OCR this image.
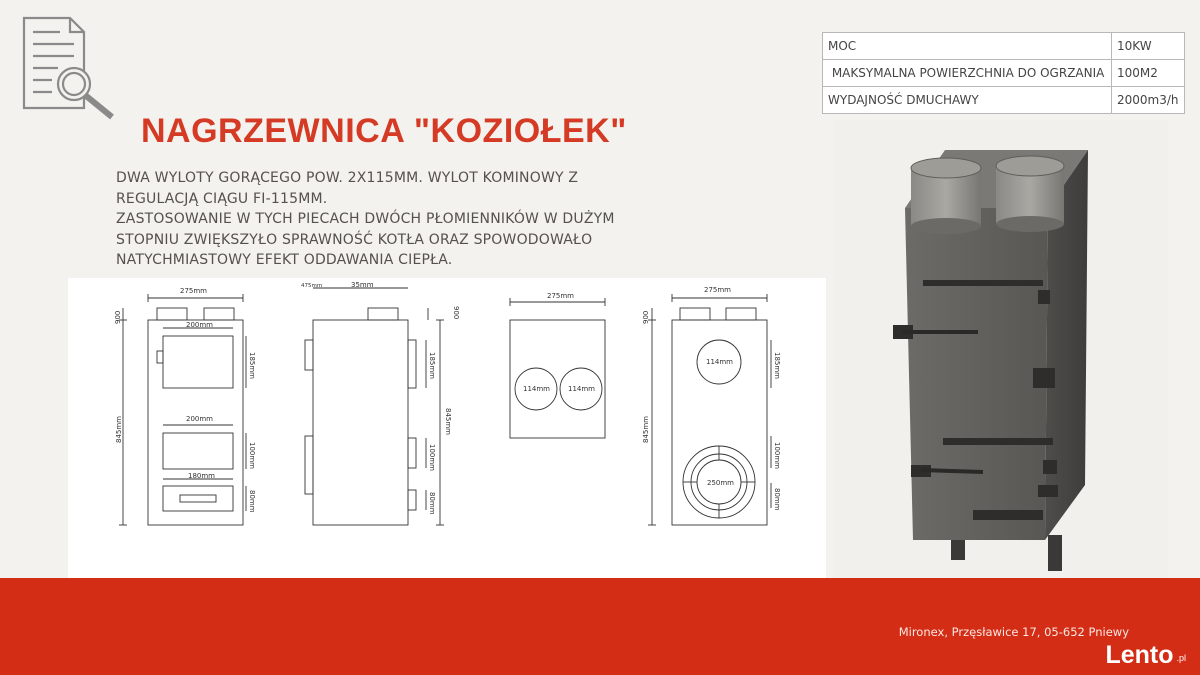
NAGRZEWNICA "KOZIOŁEK"

DWA WYLOTY GORĄCEGO POW. 2X115MM. WYLOT KOMINOWY Z

REGULACJĄ CIĄGU FI-115MM.

ZASTOSOWANIE W TYCH PIECACH DWÓCH PŁOMIENNIKÓW W DUŻYM

STOPNIU ZWIĘKSZYŁO SPRAWNOŚĆ KOTŁA ORAZ SPOWODOWAŁO

NATYCHMIASTOWY EFEKT ODDAWANIA CIEPŁA.

MOC	10KW
MAKSYMALNA POWIERZCHNIA DO OGRZANIA	100M2
WYDAJNOŚĆ DMUCHAWY	2000m3/h
275mm
200mm
200mm
180mm
900
845mm
185mm
100mm
80mm
475mm	35mm
900
185mm
845mm
100mm
80mm
275mm
114mm	114mm
275mm
900
845mm
114mm
250mm
185mm
100mm
80mm
Mironex, Przęsławice 17, 05-652 Pniewy
Lento .pl
